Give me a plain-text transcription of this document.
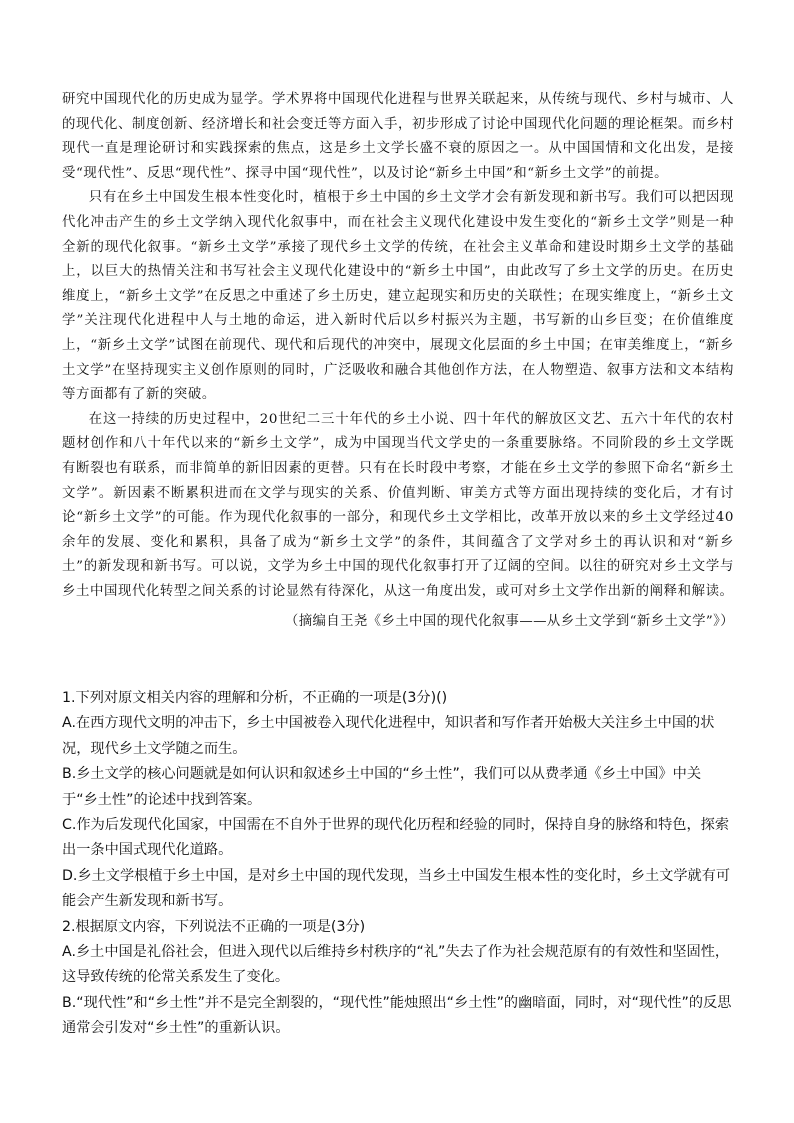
研究中国现代化的历史成为显学。学术界将中国现代化进程与世界关联起来，从传统与现代、乡村与城市、人的现代化、制度创新、经济增长和社会变迁等方面入手，初步形成了讨论中国现代化问题的理论框架。而乡村现代一直是理论研讨和实践探索的焦点，这是乡土文学长盛不衰的原因之一。从中国国情和文化出发，是接受“现代性”、反思“现代性”、探寻中国“现代性”，以及讨论“新乡土中国”和“新乡土文学”的前提。

只有在乡土中国发生根本性变化时，植根于乡土中国的乡土文学才会有新发现和新书写。我们可以把因现代化冲击产生的乡土文学纳入现代化叙事中，而在社会主义现代化建设中发生变化的“新乡土文学”则是一种全新的现代化叙事。“新乡土文学”承接了现代乡土文学的传统，在社会主义革命和建设时期乡土文学的基础上，以巨大的热情关注和书写社会主义现代化建设中的“新乡土中国”，由此改写了乡土文学的历史。在历史维度上，“新乡土文学”在反思之中重述了乡土历史，建立起现实和历史的关联性；在现实维度上，“新乡土文学”关注现代化进程中人与土地的命运，进入新时代后以乡村振兴为主题，书写新的山乡巨变；在价值维度上，“新乡土文学”试图在前现代、现代和后现代的冲突中，展现文化层面的乡土中国；在审美维度上，“新乡土文学”在坚持现实主义创作原则的同时，广泛吸收和融合其他创作方法，在人物塑造、叙事方法和文本结构等方面都有了新的突破。

在这一持续的历史过程中，20世纪二三十年代的乡土小说、四十年代的解放区文艺、五六十年代的农村题材创作和八十年代以来的“新乡土文学”，成为中国现当代文学史的一条重要脉络。不同阶段的乡土文学既有断裂也有联系，而非简单的新旧因素的更替。只有在长时段中考察，才能在乡土文学的参照下命名“新乡土文学”。新因素不断累积进而在文学与现实的关系、价值判断、审美方式等方面出现持续的变化后，才有讨论“新乡土文学”的可能。作为现代化叙事的一部分，和现代乡土文学相比，改革开放以来的乡土文学经过40余年的发展、变化和累积，具备了成为“新乡土文学”的条件，其间蕴含了文学对乡土的再认识和对“新乡土”的新发现和新书写。可以说，文学为乡土中国的现代化叙事打开了辽阔的空间。以往的研究对乡土文学与乡土中国现代化转型之间关系的讨论显然有待深化，从这一角度出发，或可对乡土文学作出新的阐释和解读。

（摘编自王尧《乡土中国的现代化叙事——从乡土文学到“新乡土文学”》）

1.下列对原文相关内容的理解和分析，不正确的一项是(3分)()

A.在西方现代文明的冲击下，乡土中国被卷入现代化进程中，知识者和写作者开始极大关注乡土中国的状况，现代乡土文学随之而生。

B.乡土文学的核心问题就是如何认识和叙述乡土中国的“乡土性”，我们可以从费孝通《乡土中国》中关于“乡土性”的论述中找到答案。

C.作为后发现代化国家，中国需在不自外于世界的现代化历程和经验的同时，保持自身的脉络和特色，探索出一条中国式现代化道路。

D.乡土文学根植于乡土中国，是对乡土中国的现代发现，当乡土中国发生根本性的变化时，乡土文学就有可能会产生新发现和新书写。

2.根据原文内容，下列说法不正确的一项是(3分)

A.乡土中国是礼俗社会，但进入现代以后维持乡村秩序的“礼”失去了作为社会规范原有的有效性和坚固性，这导致传统的伦常关系发生了变化。

B.“现代性”和“乡土性”并不是完全割裂的，“现代性”能烛照出“乡土性”的幽暗面，同时，对“现代性”的反思通常会引发对“乡土性”的重新认识。
